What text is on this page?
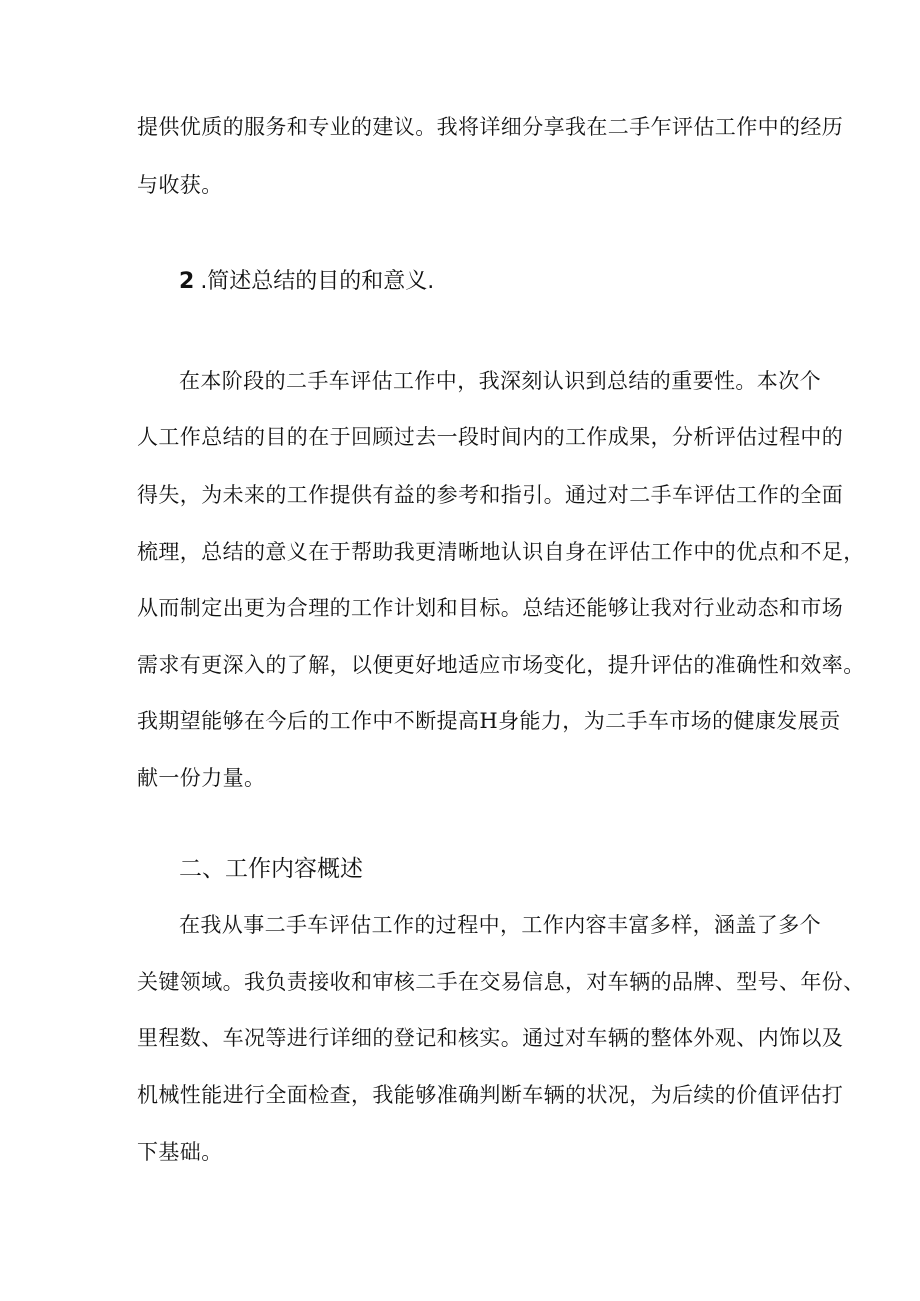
提供优质的服务和专业的建议。我将详细分享我在二手乍评估工作中的经历
与收获。
2 .简述总结的目的和意义.
在本阶段的二手车评估工作中，我深刻认识到总结的重要性。本次个
人工作总结的目的在于回顾过去一段时间内的工作成果，分析评估过程中的
得失，为未来的工作提供有益的参考和指引。通过对二手车评估工作的全面
梳理，总结的意义在于帮助我更清晰地认识自身在评估工作中的优点和不足，
从而制定出更为合理的工作计划和目标。总结还能够让我对行业动态和市场
需求有更深入的了解，以便更好地适应市场变化，提升评估的准确性和效率。
我期望能够在今后的工作中不断提高H身能力，为二手车市场的健康发展贡
献一份力量。
二、工作内容概述
在我从事二手车评估工作的过程中，工作内容丰富多样，涵盖了多个
关键领域。我负责接收和审核二手在交易信息，对车辆的品牌、型号、年份、
里程数、车况等进行详细的登记和核实。通过对车辆的整体外观、内饰以及
机械性能进行全面检查，我能够准确判断车辆的状况，为后续的价值评估打
下基础。
